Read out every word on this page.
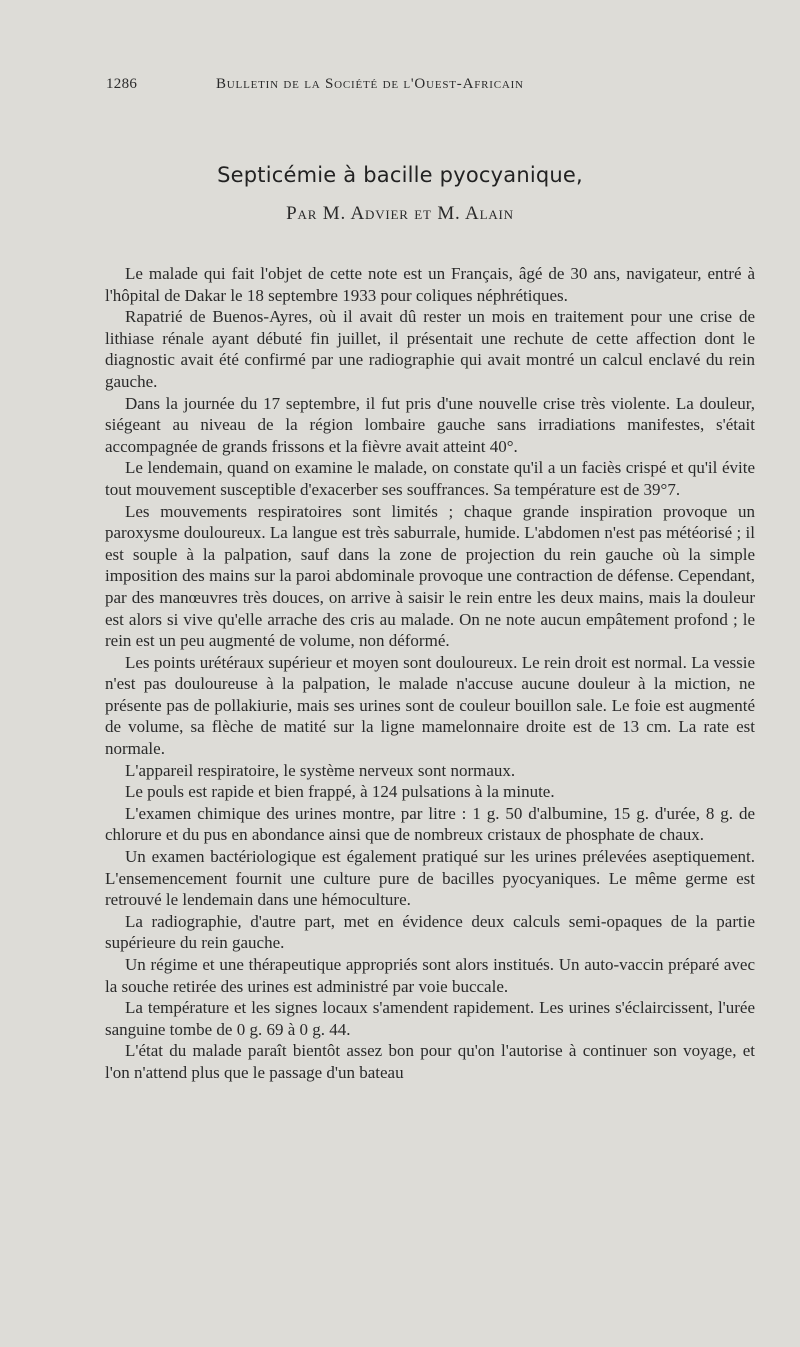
1286	Bulletin de la Société de l'Ouest-Africain
Septicémie à bacille pyocyanique,
Par M. Advier et M. Alain

Le malade qui fait l'objet de cette note est un Français, âgé de 30 ans, navigateur, entré à l'hôpital de Dakar le 18 septembre 1933 pour coliques néphrétiques.

Rapatrié de Buenos-Ayres, où il avait dû rester un mois en traitement pour une crise de lithiase rénale ayant débuté fin juillet, il présentait une rechute de cette affection dont le diagnostic avait été confirmé par une radiographie qui avait montré un calcul enclavé du rein gauche.

Dans la journée du 17 septembre, il fut pris d'une nouvelle crise très violente. La douleur, siégeant au niveau de la région lombaire gauche sans irradiations manifestes, s'était accompagnée de grands frissons et la fièvre avait atteint 40°.

Le lendemain, quand on examine le malade, on constate qu'il a un faciès crispé et qu'il évite tout mouvement susceptible d'exacerber ses souffrances. Sa température est de 39°7.

Les mouvements respiratoires sont limités ; chaque grande inspiration provoque un paroxysme douloureux. La langue est très saburrale, humide. L'abdomen n'est pas météorisé ; il est souple à la palpation, sauf dans la zone de projection du rein gauche où la simple imposition des mains sur la paroi abdominale provoque une contraction de défense. Cependant, par des manœuvres très douces, on arrive à saisir le rein entre les deux mains, mais la douleur est alors si vive qu'elle arrache des cris au malade. On ne note aucun empâtement profond ; le rein est un peu augmenté de volume, non déformé.

Les points urétéraux supérieur et moyen sont douloureux. Le rein droit est normal. La vessie n'est pas douloureuse à la palpation, le malade n'accuse aucune douleur à la miction, ne présente pas de pollakiurie, mais ses urines sont de couleur bouillon sale. Le foie est augmenté de volume, sa flèche de matité sur la ligne mamelonnaire droite est de 13 cm. La rate est normale.

L'appareil respiratoire, le système nerveux sont normaux.

Le pouls est rapide et bien frappé, à 124 pulsations à la minute.

L'examen chimique des urines montre, par litre : 1 g. 50 d'albumine, 15 g. d'urée, 8 g. de chlorure et du pus en abondance ainsi que de nombreux cristaux de phosphate de chaux.

Un examen bactériologique est également pratiqué sur les urines prélevées aseptiquement. L'ensemencement fournit une culture pure de bacilles pyocyaniques. Le même germe est retrouvé le lendemain dans une hémoculture.

La radiographie, d'autre part, met en évidence deux calculs semi-opaques de la partie supérieure du rein gauche.

Un régime et une thérapeutique appropriés sont alors institués. Un auto-vaccin préparé avec la souche retirée des urines est administré par voie buccale.

La température et les signes locaux s'amendent rapidement. Les urines s'éclaircissent, l'urée sanguine tombe de 0 g. 69 à 0 g. 44.

L'état du malade paraît bientôt assez bon pour qu'on l'autorise à continuer son voyage, et l'on n'attend plus que le passage d'un bateau
